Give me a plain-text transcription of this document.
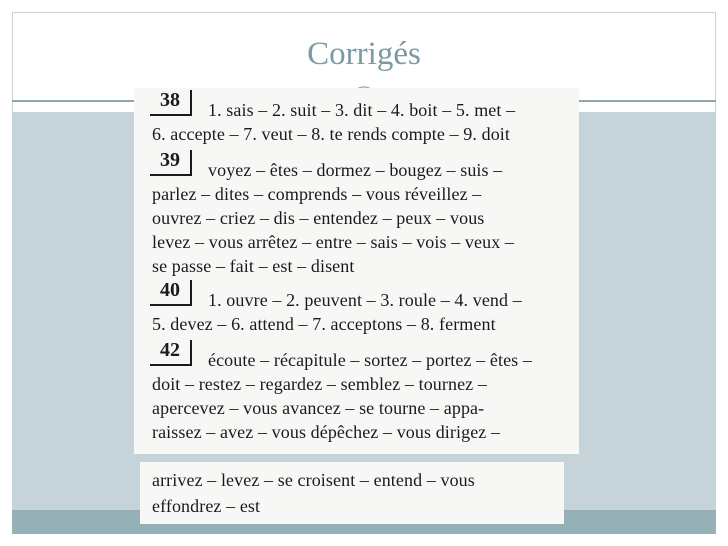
Corrigés
38 1. sais – 2. suit – 3. dit – 4. boit – 5. met –
6. accepte – 7. veut – 8. te rends compte – 9. doit
39 voyez – êtes – dormez – bougez – suis –
parlez – dites – comprends – vous réveillez –
ouvrez – criez – dis – entendez – peux – vous
levez – vous arrêtez – entre – sais – vois – veux –
se passe – fait – est – disent
40 1. ouvre – 2. peuvent – 3. roule – 4. vend –
5. devez – 6. attend – 7. acceptons – 8. ferment
42 écoute – récapitule – sortez – portez – êtes –
doit – restez – regardez – semblez – tournez –
apercevez – vous avancez – se tourne – appa-
raissez – avez – vous dépêchez – vous dirigez –
arrivez – levez – se croisent – entend – vous
effondrez – est
